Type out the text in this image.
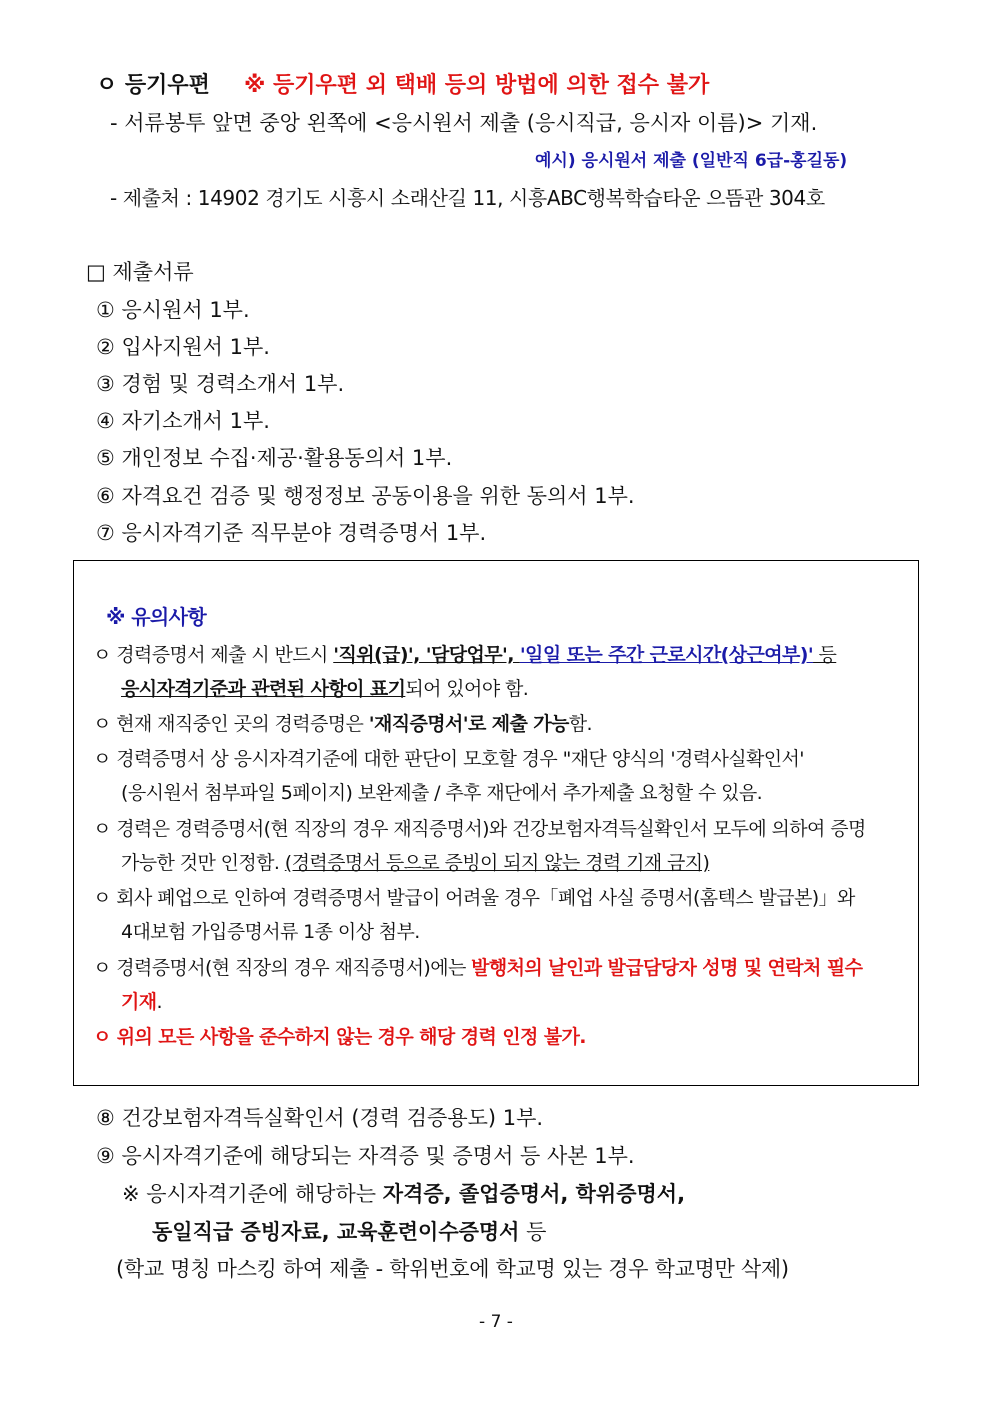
ㅇ 등기우편 ※ 등기우편 외 택배 등의 방법에 의한 접수 불가
- 서류봉투 앞면 중앙 왼쪽에 <응시원서 제출 (응시직급, 응시자 이름)> 기재.
예시) 응시원서 제출 (일반직 6급-홍길동)
- 제출처 : 14902 경기도 시흥시 소래산길 11, 시흥ABC행복학습타운 으뜸관 304호
□ 제출서류
① 응시원서 1부.
② 입사지원서 1부.
③ 경험 및 경력소개서 1부.
④ 자기소개서 1부.
⑤ 개인정보 수집·제공·활용동의서 1부.
⑥ 자격요건 검증 및 행정정보 공동이용을 위한 동의서 1부.
⑦ 응시자격기준 직무분야 경력증명서 1부.
※ 유의사항
ㅇ 경력증명서 제출 시 반드시 '직위(급)', '담당업무', '일일 또는 주간 근로시간(상근여부)' 등
응시자격기준과 관련된 사항이 표기되어 있어야 함.
ㅇ 현재 재직중인 곳의 경력증명은 '재직증명서'로 제출 가능함.
ㅇ 경력증명서 상 응시자격기준에 대한 판단이 모호할 경우 "재단 양식의 '경력사실확인서'
(응시원서 첨부파일 5페이지) 보완제출 / 추후 재단에서 추가제출 요청할 수 있음.
ㅇ 경력은 경력증명서(현 직장의 경우 재직증명서)와 건강보험자격득실확인서 모두에 의하여 증명
가능한 것만 인정함. (경력증명서 등으로 증빙이 되지 않는 경력 기재 금지)
ㅇ 회사 폐업으로 인하여 경력증명서 발급이 어려울 경우「폐업 사실 증명서(홈텍스 발급본)」와
4대보험 가입증명서류 1종 이상 첨부.
ㅇ 경력증명서(현 직장의 경우 재직증명서)에는 발행처의 날인과 발급담당자 성명 및 연락처 필수
기재.
ㅇ 위의 모든 사항을 준수하지 않는 경우 해당 경력 인정 불가.
⑧ 건강보험자격득실확인서 (경력 검증용도) 1부.
⑨ 응시자격기준에 해당되는 자격증 및 증명서 등 사본 1부.
※ 응시자격기준에 해당하는 자격증, 졸업증명서, 학위증명서,
동일직급 증빙자료, 교육훈련이수증명서 등
(학교 명칭 마스킹 하여 제출 - 학위번호에 학교명 있는 경우 학교명만 삭제)
- 7 -
